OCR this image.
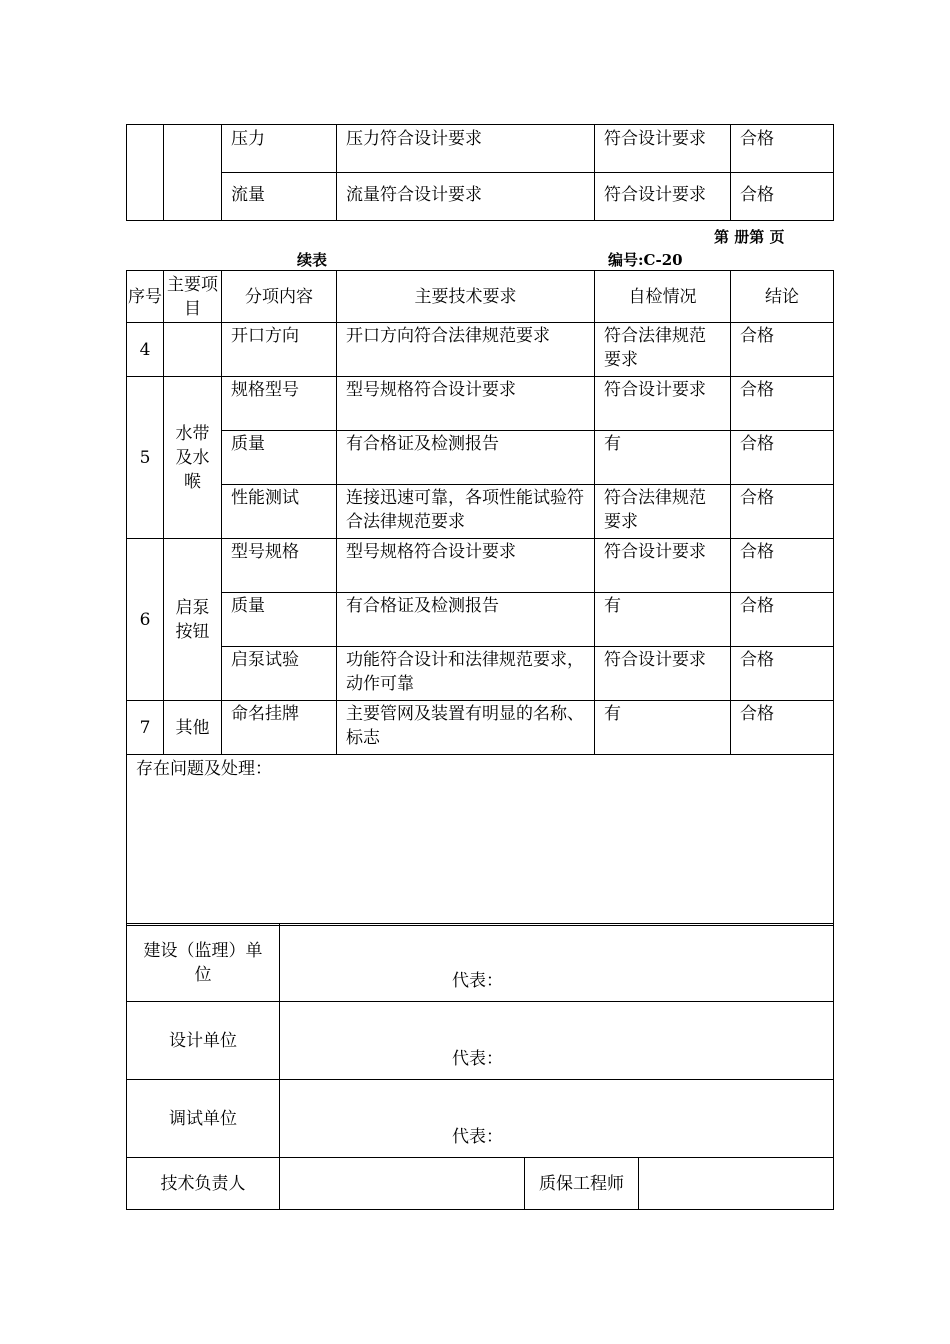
		压力	压力符合设计要求	符合设计要求	合格
		流量	流量符合设计要求	符合设计要求	合格
第 册第 页
续表	编号:C-20
序号	主要项目	分项内容	主要技术要求	自检情况	结论
4		开口方向	开口方向符合法律规范要求	符合法律规范要求	合格
5	水带及水喉	规格型号	型号规格符合设计要求	符合设计要求	合格
		质量	有合格证及检测报告	有	合格
		性能测试	连接迅速可靠，各项性能试验符合法律规范要求	符合法律规范要求	合格
6	启泵按钮	型号规格	型号规格符合设计要求	符合设计要求	合格
		质量	有合格证及检测报告	有	合格
		启泵试验	功能符合设计和法律规范要求，动作可靠	符合设计要求	合格
7	其他	命名挂牌	主要管网及装置有明显的名称、标志	有	合格
存在问题及处理：					
建设（监理）单位	代表：		

设计单位	代表：		

调试单位	代表：		

技术负责人		质保工程师	
